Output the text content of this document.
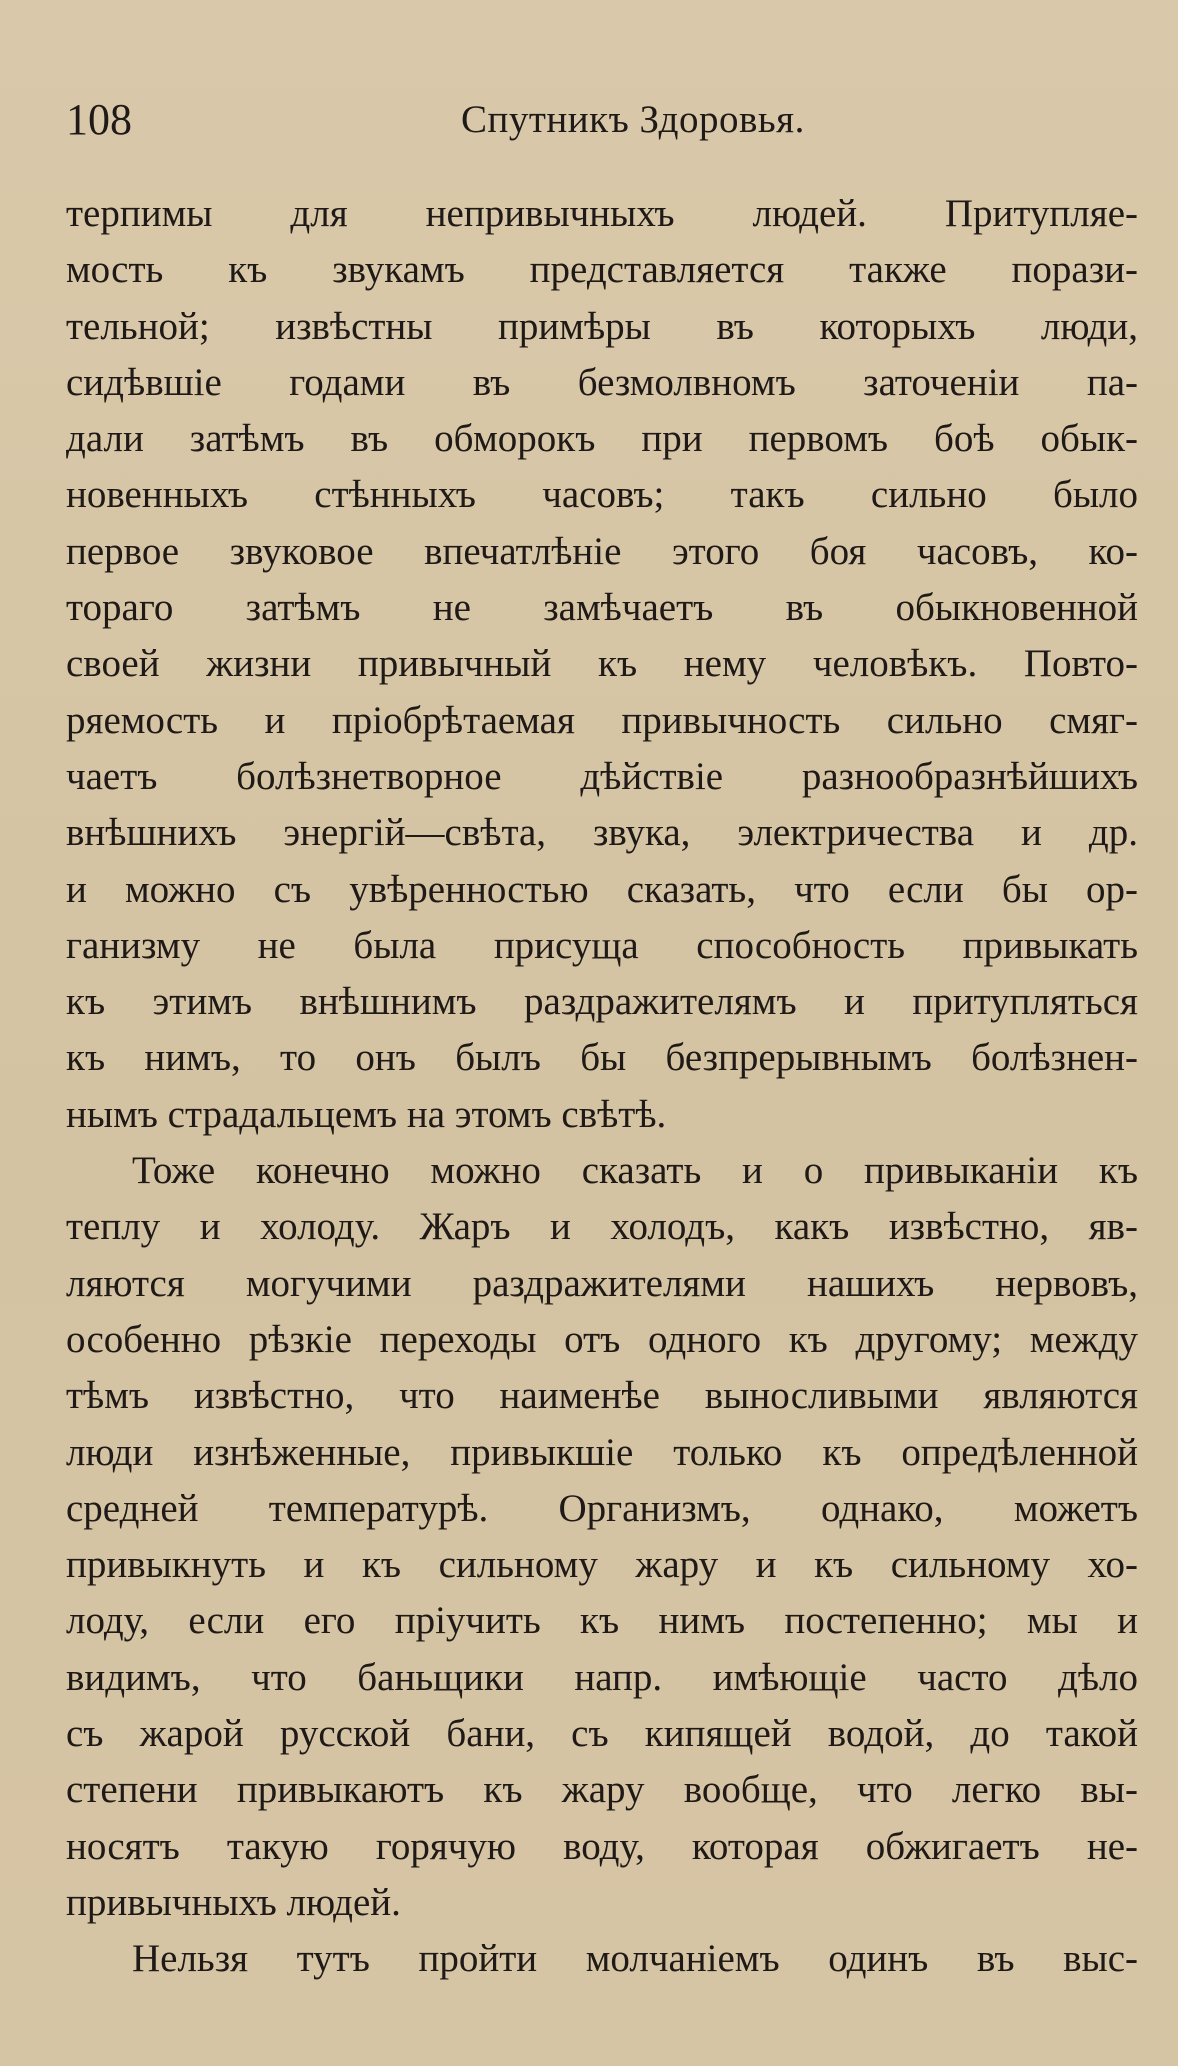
108	Спутникъ Здоровья.
терпимы для непривычныхъ людей. Притупляе-
мость къ звукамъ представляется также порази-
тельной; извѣстны примѣры въ которыхъ люди,
сидѣвшіе годами въ безмолвномъ заточеніи па-
дали затѣмъ въ обморокъ при первомъ боѣ обык-
новенныхъ стѣнныхъ часовъ; такъ сильно было
первое звуковое впечатлѣніе этого боя часовъ, ко-
тораго затѣмъ не замѣчаетъ въ обыкновенной
своей жизни привычный къ нему человѣкъ. Повто-
ряемость и пріобрѣтаемая привычность сильно смяг-
чаетъ болѣзнетворное дѣйствіе разнообразнѣйшихъ
внѣшнихъ энергій—свѣта, звука, электричества и др.
и можно съ увѣренностью сказать, что если бы ор-
ганизму не была присуща способность привыкать
къ этимъ внѣшнимъ раздражителямъ и притупляться
къ нимъ, то онъ былъ бы безпрерывнымъ болѣзнен-
нымъ страдальцемъ на этомъ свѣтѣ.
Тоже конечно можно сказать и о привыканіи къ
теплу и холоду. Жаръ и холодъ, какъ извѣстно, яв-
ляются могучими раздражителями нашихъ нервовъ,
особенно рѣзкіе переходы отъ одного къ другому; между
тѣмъ извѣстно, что наименѣе выносливыми являются
люди изнѣженные, привыкшіе только къ опредѣленной
средней температурѣ. Организмъ, однако, можетъ
привыкнуть и къ сильному жару и къ сильному хо-
лоду, если его пріучить къ нимъ постепенно; мы и
видимъ, что баньщики напр. имѣющіе часто дѣло
съ жарой русской бани, съ кипящей водой, до такой
степени привыкаютъ къ жару вообще, что легко вы-
носятъ такую горячую воду, которая обжигаетъ не-
привычныхъ людей.
Нельзя тутъ пройти молчаніемъ одинъ въ выс-
